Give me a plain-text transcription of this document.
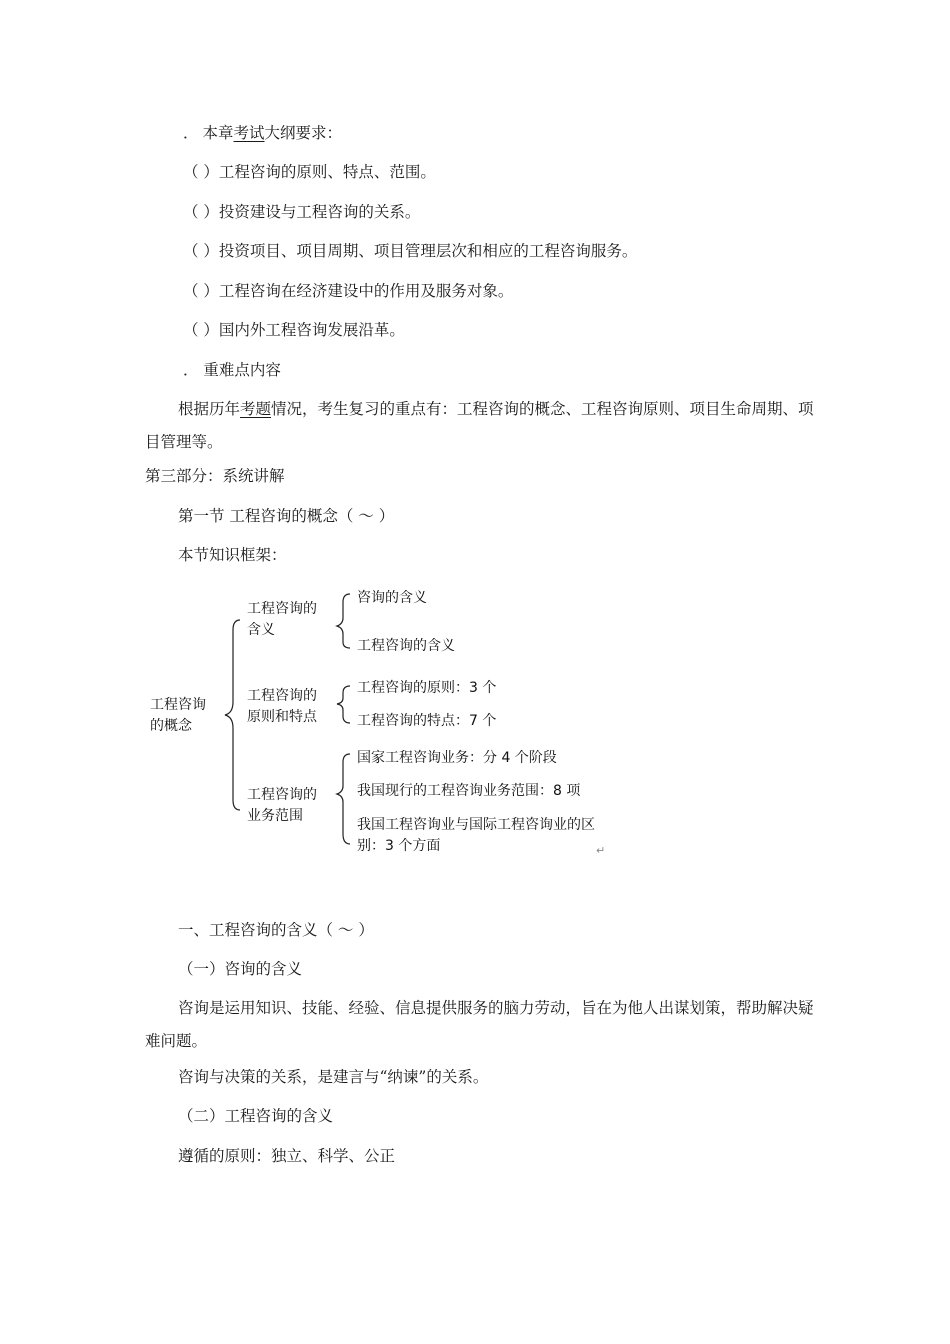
． 本章考试大纲要求：
（ ）工程咨询的原则、特点、范围。
（ ）投资建设与工程咨询的关系。
（ ）投资项目、项目周期、项目管理层次和相应的工程咨询服务。
（ ）工程咨询在经济建设中的作用及服务对象。
（ ）国内外工程咨询发展沿革。
． 重难点内容
根据历年考题情况，考生复习的重点有：工程咨询的概念、工程咨询原则、项目生命周期、项目管理等。
第三部分：系统讲解
第一节 工程咨询的概念（ ～ ）
本节知识框架：
工程咨询的概念
工程咨询的含义
工程咨询的原则和特点
工程咨询的业务范围
咨询的含义
工程咨询的含义
工程咨询的原则：3 个
工程咨询的特点：7 个
国家工程咨询业务：分 4 个阶段
我国现行的工程咨询业务范围：8 项
我国工程咨询业与国际工程咨询业的区别：3 个方面	↵
一、工程咨询的含义（ ～ ）
（一）咨询的含义
咨询是运用知识、技能、经验、信息提供服务的脑力劳动，旨在为他人出谋划策，帮助解决疑难问题。
咨询与决策的关系，是建言与“纳谏”的关系。
（二）工程咨询的含义
遵循的原则：独立、科学、公正
